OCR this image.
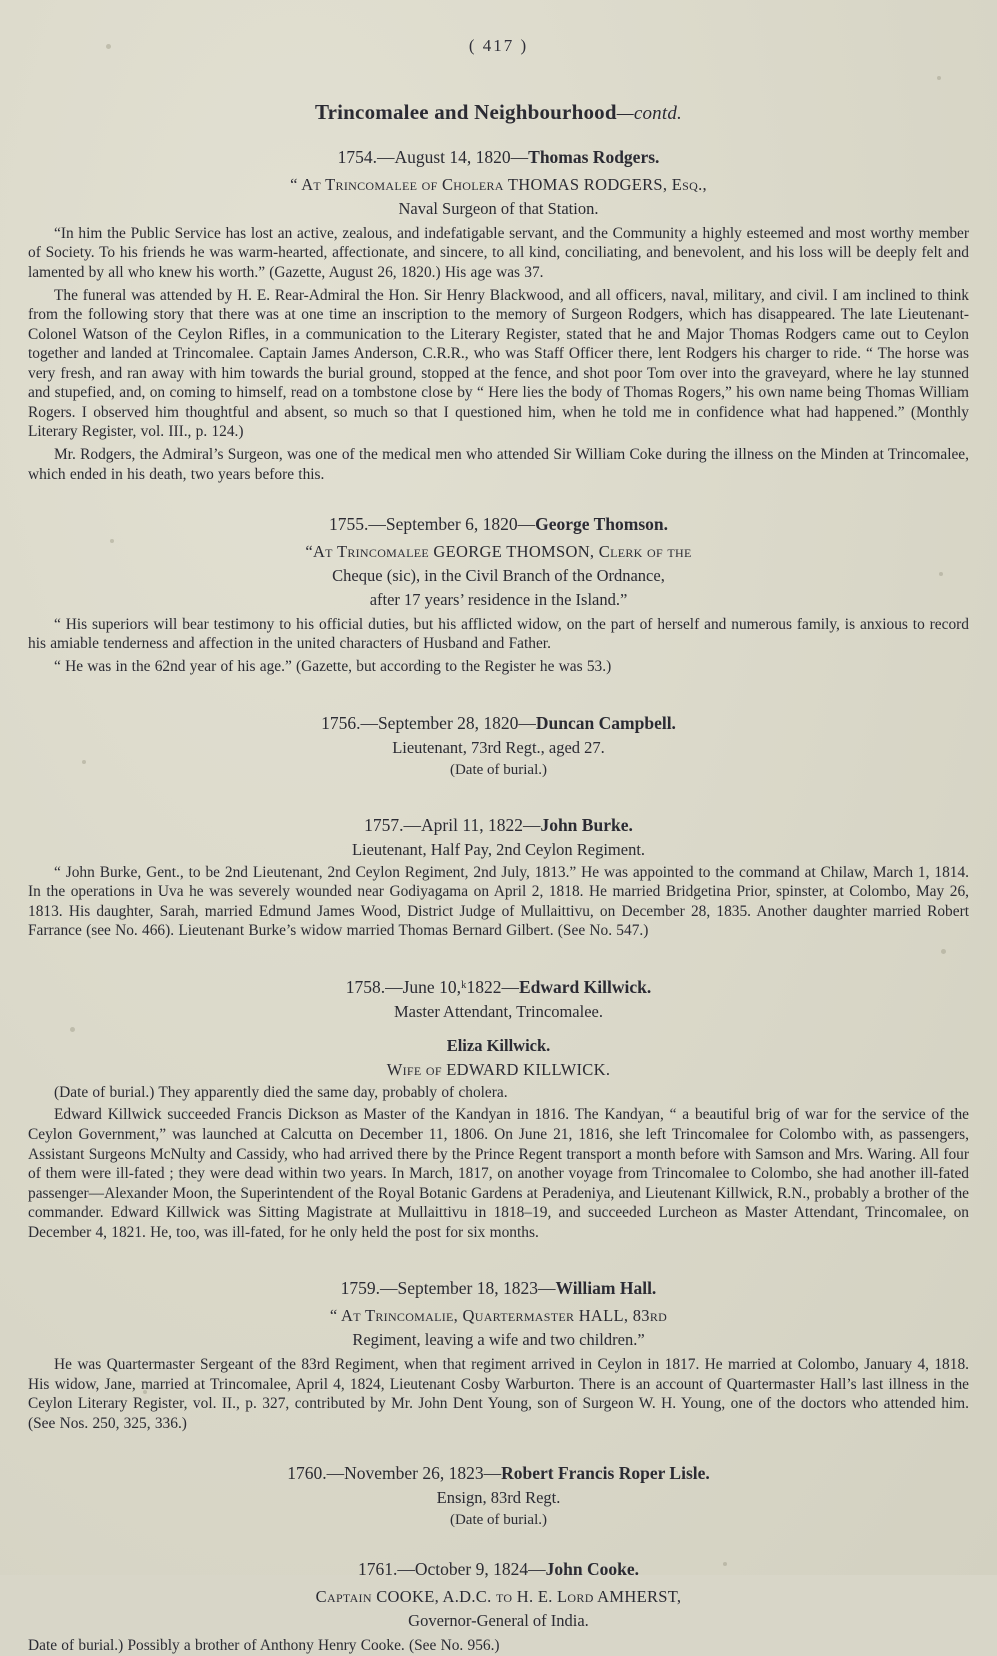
( 417 )
Trincomalee and Neighbourhood—contd.
1754.—August 14, 1820—Thomas Rodgers.
“ At Trincomalee of Cholera THOMAS RODGERS, Esq.,
Naval Surgeon of that Station.

“In him the Public Service has lost an active, zealous, and indefatigable servant, and the Community a highly esteemed and most worthy member of Society. To his friends he was warm-hearted, affectionate, and sincere, to all kind, conciliating, and benevolent, and his loss will be deeply felt and lamented by all who knew his worth.” (Gazette, August 26, 1820.) His age was 37.

The funeral was attended by H. E. Rear-Admiral the Hon. Sir Henry Blackwood, and all officers, naval, military, and civil. I am inclined to think from the following story that there was at one time an inscription to the memory of Surgeon Rodgers, which has disappeared. The late Lieutenant-Colonel Watson of the Ceylon Rifles, in a communication to the Literary Register, stated that he and Major Thomas Rodgers came out to Ceylon together and landed at Trincomalee. Captain James Anderson, C.R.R., who was Staff Officer there, lent Rodgers his charger to ride. “ The horse was very fresh, and ran away with him towards the burial ground, stopped at the fence, and shot poor Tom over into the graveyard, where he lay stunned and stupefied, and, on coming to himself, read on a tombstone close by “ Here lies the body of Thomas Rogers,” his own name being Thomas William Rogers. I observed him thoughtful and absent, so much so that I questioned him, when he told me in confidence what had happened.” (Monthly Literary Register, vol. III., p. 124.)

Mr. Rodgers, the Admiral’s Surgeon, was one of the medical men who attended Sir William Coke during the illness on the Minden at Trincomalee, which ended in his death, two years before this.

1755.—September 6, 1820—George Thomson.
“At Trincomalee GEORGE THOMSON, Clerk of the
Cheque (sic), in the Civil Branch of the Ordnance,
after 17 years’ residence in the Island.”

“ His superiors will bear testimony to his official duties, but his afflicted widow, on the part of herself and numerous family, is anxious to record his amiable tenderness and affection in the united characters of Husband and Father.

“ He was in the 62nd year of his age.” (Gazette, but according to the Register he was 53.)

1756.—September 28, 1820—Duncan Campbell.
Lieutenant, 73rd Regt., aged 27.
(Date of burial.)
1757.—April 11, 1822—John Burke.
Lieutenant, Half Pay, 2nd Ceylon Regiment.

“ John Burke, Gent., to be 2nd Lieutenant, 2nd Ceylon Regiment, 2nd July, 1813.” He was appointed to the command at Chilaw, March 1, 1814. In the operations in Uva he was severely wounded near Godiyagama on April 2, 1818. He married Bridgetina Prior, spinster, at Colombo, May 26, 1813. His daughter, Sarah, married Edmund James Wood, District Judge of Mullaittivu, on December 28, 1835. Another daughter married Robert Farrance (see No. 466). Lieutenant Burke’s widow married Thomas Bernard Gilbert. (See No. 547.)

1758.—June 10,ᵏ1822—Edward Killwick.
Master Attendant, Trincomalee.
Eliza Killwick.
Wife of EDWARD KILLWICK.

(Date of burial.) They apparently died the same day, probably of cholera.

Edward Killwick succeeded Francis Dickson as Master of the Kandyan in 1816. The Kandyan, “ a beautiful brig of war for the service of the Ceylon Government,” was launched at Calcutta on December 11, 1806. On June 21, 1816, she left Trincomalee for Colombo with, as passengers, Assistant Surgeons McNulty and Cassidy, who had arrived there by the Prince Regent transport a month before with Samson and Mrs. Waring. All four of them were ill-fated ; they were dead within two years. In March, 1817, on another voyage from Trincomalee to Colombo, she had another ill-fated passenger—Alexander Moon, the Superintendent of the Royal Botanic Gardens at Peradeniya, and Lieutenant Killwick, R.N., probably a brother of the commander. Edward Killwick was Sitting Magistrate at Mullaittivu in 1818–19, and succeeded Lurcheon as Master Attendant, Trincomalee, on December 4, 1821. He, too, was ill-fated, for he only held the post for six months.

1759.—September 18, 1823—William Hall.
“ At Trincomalie, Quartermaster HALL, 83rd
Regiment, leaving a wife and two children.”

He was Quartermaster Sergeant of the 83rd Regiment, when that regiment arrived in Ceylon in 1817. He married at Colombo, January 4, 1818. His widow, Jane, married at Trincomalee, April 4, 1824, Lieutenant Cosby Warburton. There is an account of Quartermaster Hall’s last illness in the Ceylon Literary Register, vol. II., p. 327, contributed by Mr. John Dent Young, son of Surgeon W. H. Young, one of the doctors who attended him. (See Nos. 250, 325, 336.)

1760.—November 26, 1823—Robert Francis Roper Lisle.
Ensign, 83rd Regt.
(Date of burial.)
1761.—October 9, 1824—John Cooke.
Captain COOKE, A.D.C. to H. E. Lord AMHERST,
Governor-General of India.

Date of burial.) Possibly a brother of Anthony Henry Cooke. (See No. 956.)
